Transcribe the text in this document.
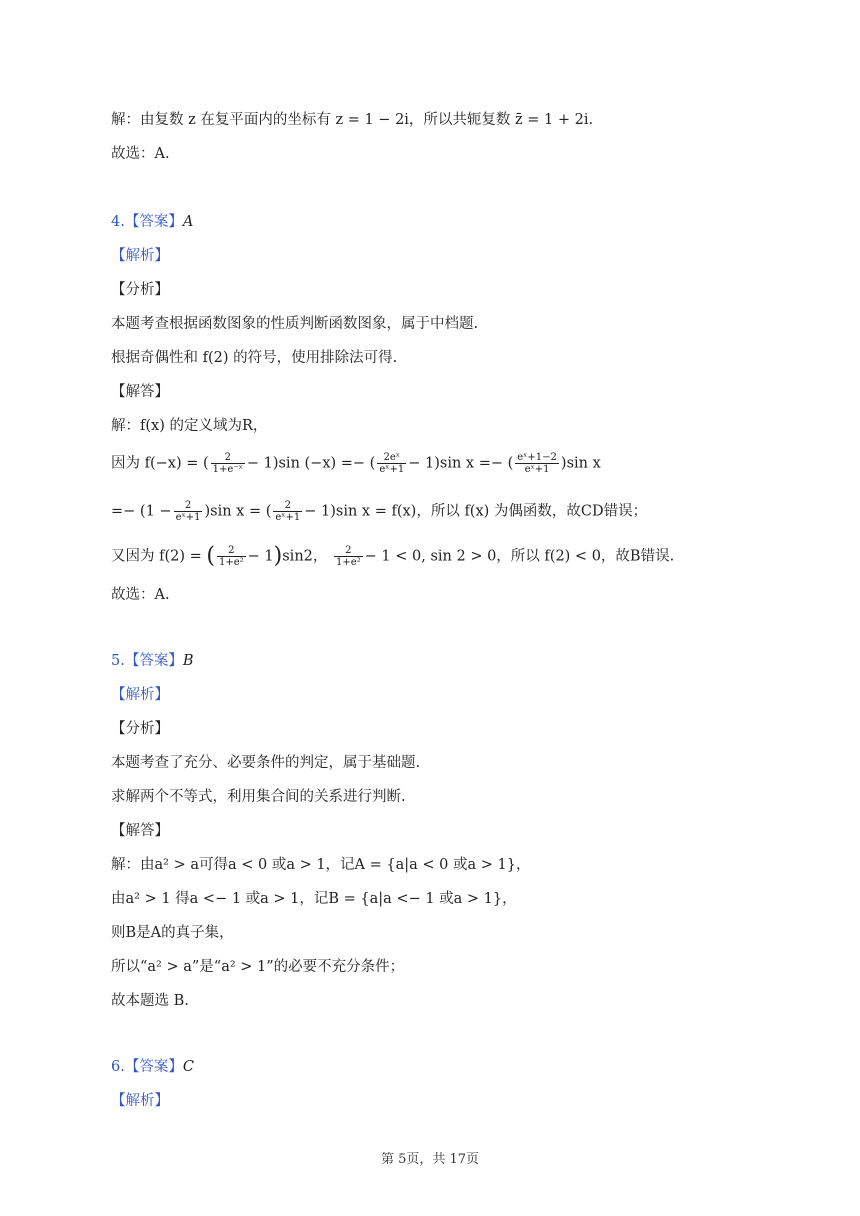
解：由复数 z 在复平面内的坐标有 z = 1 − 2i，所以共轭复数 z̄ = 1 + 2i.
故选：A.
4.【答案】A
【解析】
【分析】
本题考查根据函数图象的性质判断函数图象，属于中档题.
根据奇偶性和 f(2) 的符号，使用排除法可得.
【解答】
解：f(x) 的定义域为R，
因为 f(−x) = ( $\frac{2}{\text{1+e⁻ˣ}} - 1)\sin$ (−x) =− ( $\frac{\text{2eˣ}}{\text{eˣ+1}} - 1)\sin$ x =− ( $\frac{\text{eˣ+1−2}}{\text{eˣ+1}} )\sin$ x
=− $(1 - \frac{2}{\text{eˣ+1}} )\sin$ x = ( $\frac{2}{\text{eˣ+1}} - 1)\sin$ x = f(x)，所以 f(x) 为偶函数，故CD错误；
又因为 f(2) = ( $\frac{2}{\text{1+e²}} - 1)\sin 2$， $\frac{2}{\text{1+e²}} - 1 < 0$, sin 2 > 0，所以 f(2) < 0，故B错误.
故选：A.
5.【答案】B
【解析】
【分析】
本题考查了充分、必要条件的判定，属于基础题.
求解两个不等式，利用集合间的关系进行判断.
【解答】
解：由a² > a可得a < 0 或a > 1，记A = {a|a < 0 或a > 1}，
由a² > 1 得a <− 1 或a > 1，记B = {a|a <− 1 或a > 1}，
则B是A的真子集，
所以“a² > a”是“a² > 1”的必要不充分条件；
故本题选 B.
6.【答案】C
【解析】
第 5页，共 17页
